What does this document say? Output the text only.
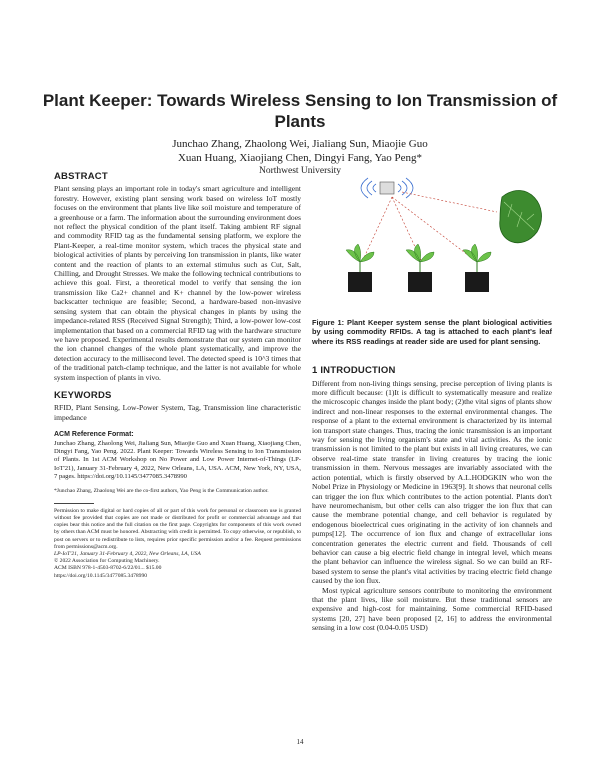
Plant Keeper: Towards Wireless Sensing to Ion Transmission of Plants
Junchao Zhang, Zhaolong Wei, Jialiang Sun, Miaojie Guo
Xuan Huang, Xiaojiang Chen, Dingyi Fang, Yao Peng*
Northwest University
ABSTRACT

Plant sensing plays an important role in today's smart agriculture and intelligent forestry. However, existing plant sensing work based on wireless IoT mostly focuses on the environment that plants live like soil moisture and temperature of a greenhouse or a farm. The information about the surrounding environment does not reflect the physical condition of the plant itself. Taking ambient RF signal and commodity RFID tag as the fundamental sensing platform, we explore the Plant-Keeper, a real-time monitor system, which traces the physical state and biological activities of plants by perceiving Ion transmission in plants, like water content and the reaction of plants to an external stimulus such as Cut, Salt, Chilling, and Drought Stresses. We make the following technical contributions to achieve this goal. First, a theoretical model to verify that sensing the ion transmission like Ca2+ channel and K+ channel by the low-power wireless backscatter technique are feasible; Second, a hardware-based non-invasive sensing system that can obtain the physical changes in plants by using the impedance-related RSS (Received Signal Strength); Third, a low-power low-cost implementation that based on a commercial RFID tag with the hardware structure we have proposed. Experimental results demonstrate that our system can monitor the ion channel changes of the whole plant systematically, and improve the detection accuracy to the millisecond level. The detected speed is 10^3 times that of the traditional patch-clamp technique, and the latter is not available for whole system inspection of plants in vivo.

KEYWORDS

RFID, Plant Sensing, Low-Power System, Tag, Transmission line characteristic impedance

ACM Reference Format:

Junchao Zhang, Zhaolong Wei, Jialiang Sun, Miaojie Guo and Xuan Huang, Xiaojiang Chen, Dingyi Fang, Yao Peng. 2022. Plant Keeper: Towards Wireless Sensing to Ion Transmission of Plants. In 1st ACM Workshop on No Power and Low Power Internet-of-Things (LP-IoT'21), January 31-February 4, 2022, New Orleans, LA, USA. ACM, New York, NY, USA, 7 pages. https://doi.org/10.1145/3477085.3478990

*Junchao Zhang, Zhaolong Wei are the co-first authors, Yao Peng is the Communication author.

Permission to make digital or hard copies of all or part of this work for personal or classroom use is granted without fee provided that copies are not made or distributed for profit or commercial advantage and that copies bear this notice and the full citation on the first page. Copyrights for components of this work owned by others than ACM must be honored. Abstracting with credit is permitted. To copy otherwise, or republish, to post on servers or to redistribute to lists, requires prior specific permission and/or a fee. Request permissions from permissions@acm.org.

LP-IoT'21, January 31-February 4, 2022, New Orleans, LA, USA
© 2022 Association for Computing Machinery.
ACM ISBN 978-1-4503-8702-6/22/01... $15.00
https://doi.org/10.1145/3477085.3478990

Figure 1: Plant Keeper system sense the plant biological activities by using commodity RFIDs. A tag is attached to each plant's leaf where its RSS readings at reader side are used for plant sensing.

1 INTRODUCTION

Different from non-living things sensing, precise perception of living plants is more difficult because: (1)It is difficult to systematically measure and realize the microscopic changes inside the plant body; (2)the vital signs of plants show indirect and non-linear responses to the external environmental changes. The response of a plant to the external environment is characterized by its internal ion transport state changes. Thus, tracing the ionic transmission is an important way for sensing the living organism's state and vital activities. As the ionic transmission is not limited to the plant but exists in all living creatures, we can observe real-time state transfer in living creatures by tracing the ionic transmission in them. Nervous messages are invariably associated with the action potential, which is firstly observed by A.L.HODGKIN who won the Nobel Prize in Physiology or Medicine in 1963[9]. It shows that neuronal cells can trigger the ion flux which contributes to the action potential. Plants don't have neuromechanism, but other cells can also trigger the ion flux that can cause the membrane potential change, and cell behavior is regulated by endogenous bioelectrical cues originating in the activity of ion channels and pumps[12]. The occurrence of ion flux and change of extracellular ions concentration generates the electric current and field. Thousands of cell behavior can cause a big electric field change in integral level, which means the plant behavior can influence the wireless signal. So we can build an RF-based system to sense the plant's vital activities by tracing electric field change caused by the ion flux.

Most typical agriculture sensors contribute to monitoring the environment that the plant lives, like soil moisture. But these traditional sensors are expensive and high-cost for maintaining. Some commercial RFID-based systems [20, 27] have been proposed [2, 16] to address the environmental sensing in a low cost (0.04-0.05 USD)

14
